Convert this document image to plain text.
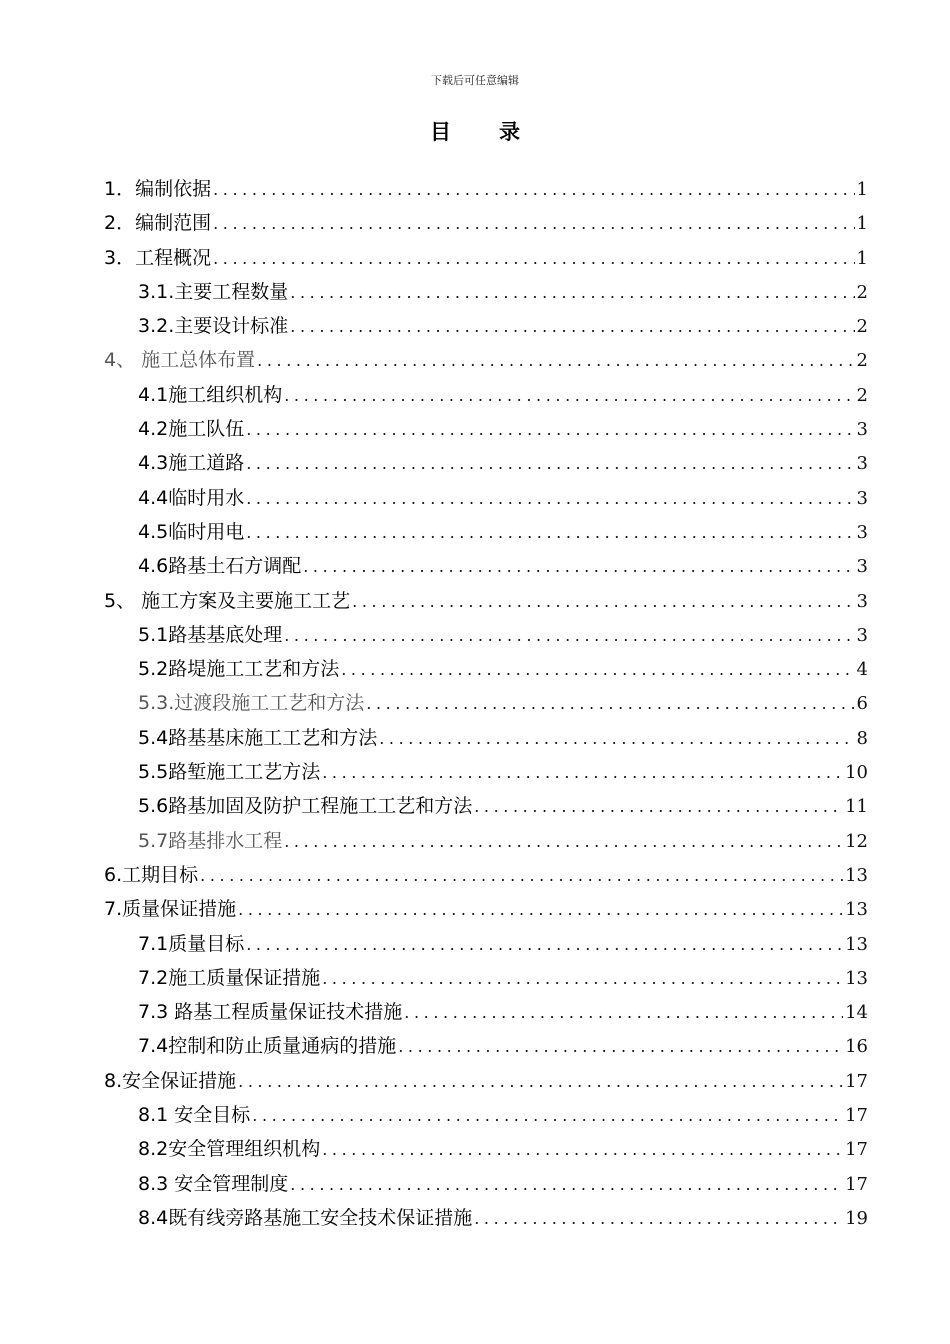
下载后可任意编辑
目录
1．编制依据 .....	1
2．编制范围 .....	1
3．工程概况 .....	1
3.1.主要工程数量 .....	2
3.2.主要设计标准 .....	2
4、 施工总体布置 .....	2
4.1施工组织机构 .....	2
4.2施工队伍 .....	3
4.3施工道路 .....	3
4.4临时用水 .....	3
4.5临时用电 .....	3
4.6路基土石方调配 .....	3
5、 施工方案及主要施工工艺 .....	3
5.1路基基底处理 .....	3
5.2路堤施工工艺和方法 .....	4
5.3.过渡段施工工艺和方法 .....	6
5.4路基基床施工工艺和方法 .....	8
5.5路堑施工工艺方法 .....	10
5.6路基加固及防护工程施工工艺和方法 .....	11
5.7路基排水工程 .....	12
6.工期目标 .....	13
7.质量保证措施 .....	13
7.1质量目标 .....	13
7.2施工质量保证措施 .....	13
7.3 路基工程质量保证技术措施 .....	14
7.4控制和防止质量通病的措施 .....	16
8.安全保证措施 .....	17
8.1 安全目标 .....	17
8.2安全管理组织机构 .....	17
8.3 安全管理制度 .....	17
8.4既有线旁路基施工安全技术保证措施 .....	19
